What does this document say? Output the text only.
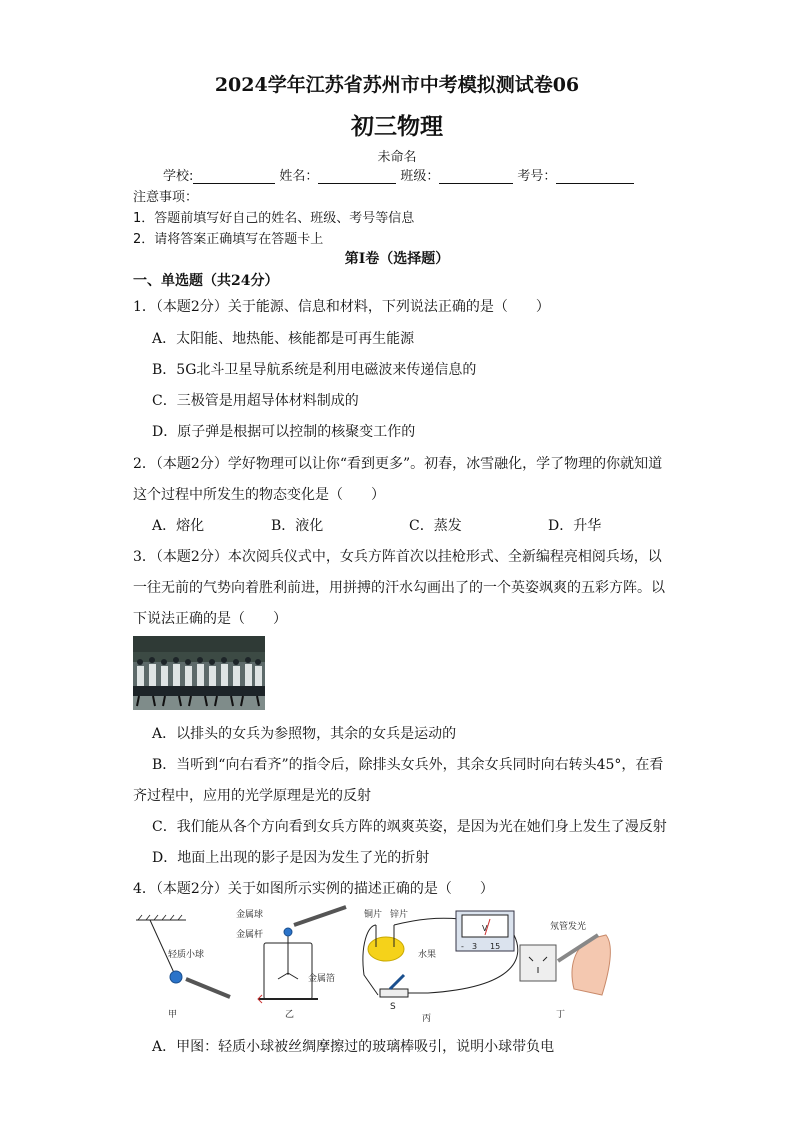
2024学年江苏省苏州市中考模拟测试卷06
初三物理
未命名
学校:	姓名：	班级：	考号：
注意事项：
1．答题前填写好自己的姓名、班级、考号等信息
2．请将答案正确填写在答题卡上
第I卷（选择题）
一、单选题（共24分）
1．（本题2分）关于能源、信息和材料，下列说法正确的是（　　）
A．太阳能、地热能、核能都是可再生能源
B．5G北斗卫星导航系统是利用电磁波来传递信息的
C．三极管是用超导体材料制成的
D．原子弹是根据可以控制的核聚变工作的
2．（本题2分）学好物理可以让你“看到更多”。初春，冰雪融化，学了物理的你就知道
这个过程中所发生的物态变化是（　　）
A．熔化	B．液化	C．蒸发	D．升华
3．（本题2分）本次阅兵仪式中，女兵方阵首次以挂枪形式、全新编程亮相阅兵场，以
一往无前的气势向着胜利前进，用拼搏的汗水勾画出了的一个英姿飒爽的五彩方阵。以
下说法正确的是（　　）
A．以排头的女兵为参照物，其余的女兵是运动的
B．当听到“向右看齐”的指令后，除排头女兵外，其余女兵同时向右转头45°，在看
齐过程中，应用的光学原理是光的反射
C．我们能从各个方向看到女兵方阵的飒爽英姿，是因为光在她们身上发生了漫反射
D．地面上出现的影子是因为发生了光的折射
4．（本题2分）关于如图所示实例的描述正确的是（　　）
轻质小球
甲
金属球
金属杆
金属箔
乙
V
- 3 15
铜片 锌片
水果
S
丙
氖管发光
丁
A．甲图：轻质小球被丝绸摩擦过的玻璃棒吸引，说明小球带负电
